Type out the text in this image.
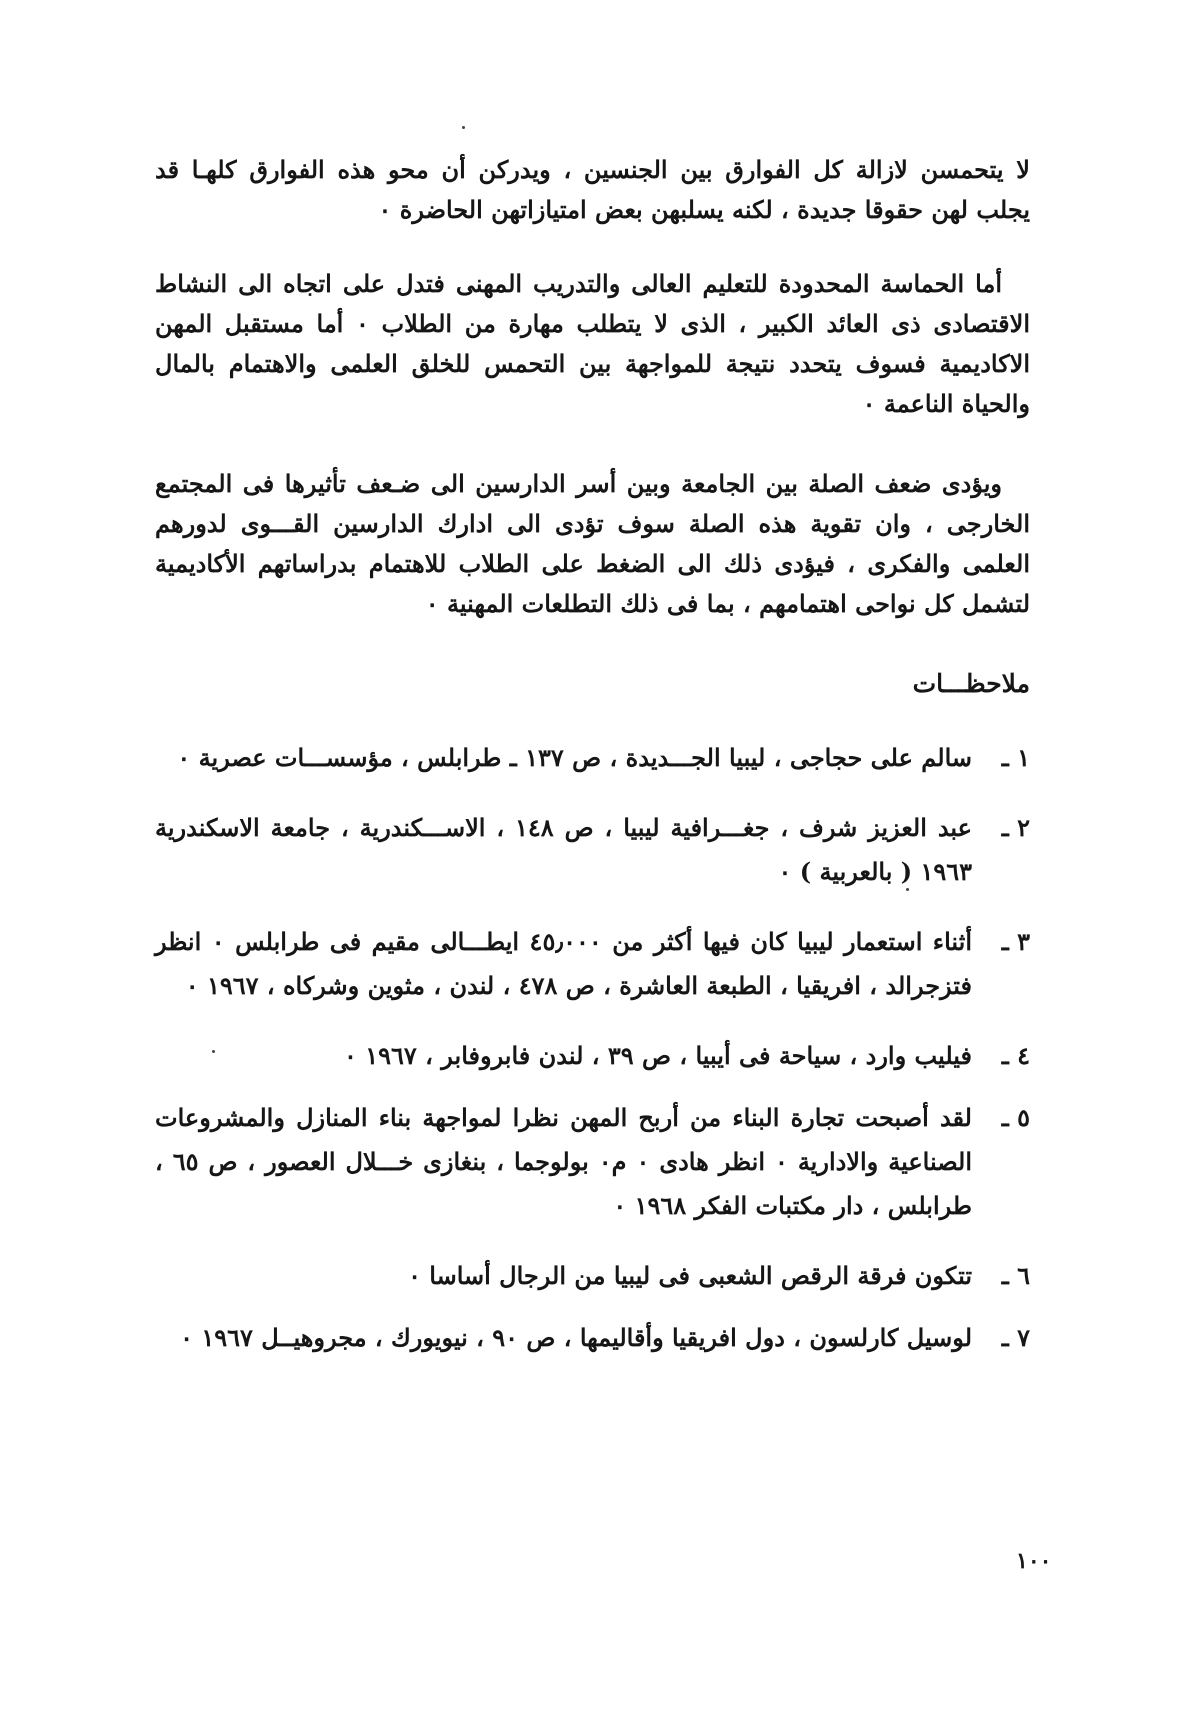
لا يتحمسن لازالة كل الفوارق بين الجنسين ، ويدركن أن محو هذه الفوارق كلهـا قد يجلب لهن حقوقا جديدة ، لكنه يسلبهن بعض امتيازاتهن الحاضرة ٠

أما الحماسة المحدودة للتعليم العالى والتدريب المهنى فتدل على اتجاه الى النشاط الاقتصادى ذى العائد الكبير ، الذى لا يتطلب مهارة من الطلاب ٠ أما مستقبل المهن الاكاديمية فسوف يتحدد نتيجة للمواجهة بين التحمس للخلق العلمى والاهتمام بالمال والحياة الناعمة ٠

ويؤدى ضعف الصلة بين الجامعة وبين أسر الدارسين الى ضـعف تأثيرها فى المجتمع الخارجى ، وان تقوية هذه الصلة سوف تؤدى الى ادارك الدارسين القـــوى لدورهم العلمى والفكرى ، فيؤدى ذلك الى الضغط على الطلاب للاهتمام بدراساتهم الأكاديمية لتشمل كل نواحى اهتمامهم ، بما فى ذلك التطلعات المهنية ٠

ملاحظـــات
١ ـ
سالم على حجاجى ، ليبيا الجـــديدة ، ص ١٣٧ ـ طرابلس ، مؤسســـات عصرية ٠
٢ ـ
عبد العزيز شرف ، جغـــرافية ليبيا ، ص ١٤٨ ، الاســـكندرية ، جامعة الاسكندرية ١٩٦٣ ( بالعربية ) ٠
٣ ـ
أثناء استعمار ليبيا كان فيها أكثر من ٤٥٫٠٠٠ ايطـــالى مقيم فى طرابلس ٠ انظر فتزجرالد ، افريقيا ، الطبعة العاشرة ، ص ٤٧٨ ، لندن ، مثوين وشركاه ، ١٩٦٧ ٠
٤ ـ
فيليب وارد ، سياحة فى أيبيا ، ص ٣٩ ، لندن فابروفابر ، ١٩٦٧ ٠
٥ ـ
لقد أصبحت تجارة البناء من أربح المهن نظرا لمواجهة بناء المنازل والمشروعات الصناعية والادارية ٠ انظر هادى ٠ م٠ بولوجما ، بنغازى خـــلال العصور ، ص ٦٥ ، طرابلس ، دار مكتبات الفكر ١٩٦٨ ٠
٦ ـ
تتكون فرقة الرقص الشعبى فى ليبيا من الرجال أساسا ٠
٧ ـ
لوسيل كارلسون ، دول افريقيا وأقاليمها ، ص ٩٠ ، نيويورك ، مجروهيــل ١٩٦٧ ٠
١٠٠
